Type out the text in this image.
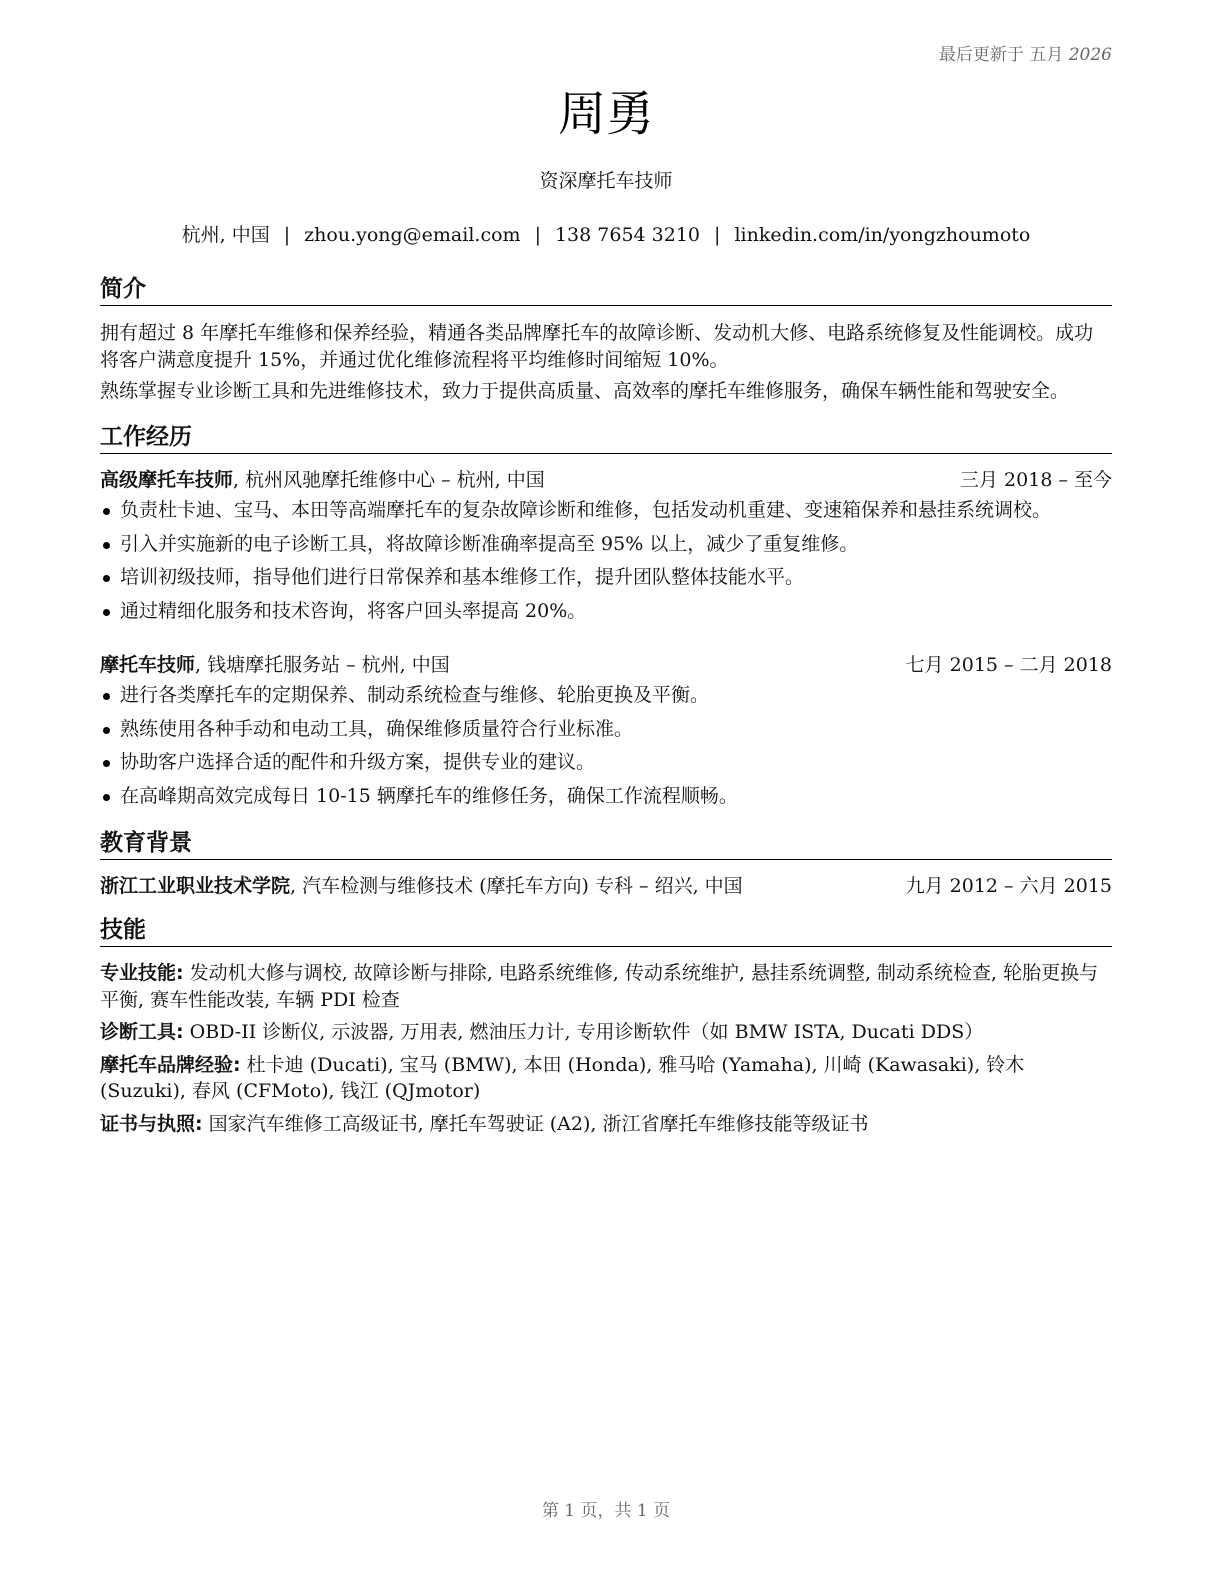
最后更新于 五月 2026
周勇
资深摩托车技师
杭州, 中国 | zhou.yong@email.com | 138 7654 3210 | linkedin.com/in/yongzhoumoto
简介

拥有超过 8 年摩托车维修和保养经验，精通各类品牌摩托车的故障诊断、发动机大修、电路系统修复及性能调校。成功将客户满意度提升 15%，并通过优化维修流程将平均维修时间缩短 10%。

熟练掌握专业诊断工具和先进维修技术，致力于提供高质量、高效率的摩托车维修服务，确保车辆性能和驾驶安全。

工作经历
高级摩托车技师, 杭州风驰摩托维修中心 – 杭州, 中国	三月 2018 – 至今
负责杜卡迪、宝马、本田等高端摩托车的复杂故障诊断和维修，包括发动机重建、变速箱保养和悬挂系统调校。
引入并实施新的电子诊断工具，将故障诊断准确率提高至 95% 以上，减少了重复维修。
培训初级技师，指导他们进行日常保养和基本维修工作，提升团队整体技能水平。
通过精细化服务和技术咨询，将客户回头率提高 20%。
摩托车技师, 钱塘摩托服务站 – 杭州, 中国	七月 2015 – 二月 2018
进行各类摩托车的定期保养、制动系统检查与维修、轮胎更换及平衡。
熟练使用各种手动和电动工具，确保维修质量符合行业标准。
协助客户选择合适的配件和升级方案，提供专业的建议。
在高峰期高效完成每日 10-15 辆摩托车的维修任务，确保工作流程顺畅。
教育背景
浙江工业职业技术学院, 汽车检测与维修技术 (摩托车方向) 专科 – 绍兴, 中国	九月 2012 – 六月 2015
技能

专业技能: 发动机大修与调校, 故障诊断与排除, 电路系统维修, 传动系统维护, 悬挂系统调整, 制动系统检查, 轮胎更换与平衡, 赛车性能改装, 车辆 PDI 检查

诊断工具: OBD-II 诊断仪, 示波器, 万用表, 燃油压力计, 专用诊断软件（如 BMW ISTA, Ducati DDS）

摩托车品牌经验: 杜卡迪 (Ducati), 宝马 (BMW), 本田 (Honda), 雅马哈 (Yamaha), 川崎 (Kawasaki), 铃木 (Suzuki), 春风 (CFMoto), 钱江 (QJmotor)

证书与执照: 国家汽车维修工高级证书, 摩托车驾驶证 (A2), 浙江省摩托车维修技能等级证书

第 1 页，共 1 页
